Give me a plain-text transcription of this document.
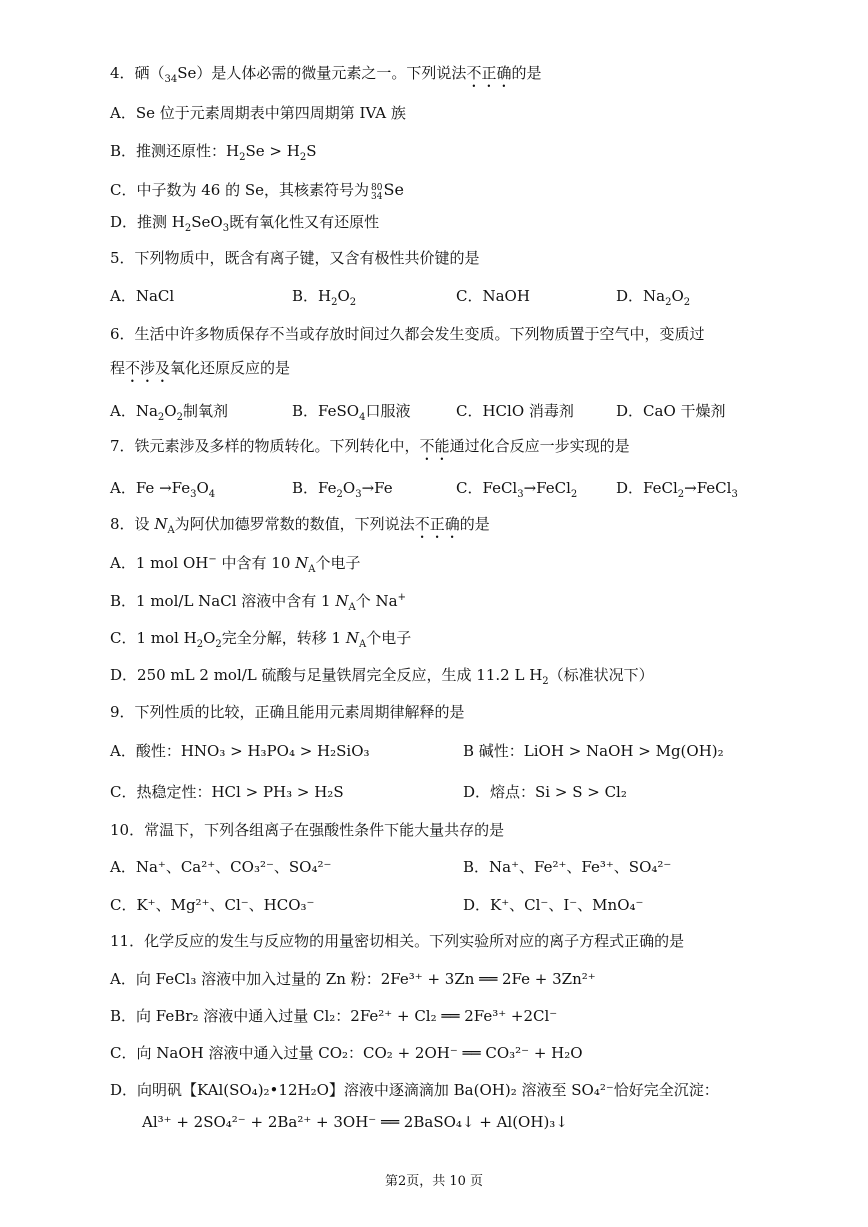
4．硒$(_{34}Se)$是人体必需的微量元素之一。下列说法不正确的是
A．Se 位于元素周期表中第四周期第 IVA 族
B．推测还原性：$H_2Se > H_2S$
C．中子数为 46 的 Se，其核素符号为 80
34Se
D．推测 $H_2SeO_3$既有氧化性又有还原性
5．下列物质中，既含有离子键，又含有极性共价键的是
A．NaCl	B．$H_2O_2$	C．NaOH	D．$Na_2O_2$
6．生活中许多物质保存不当或存放时间过久都会发生变质。下列物质置于空气中，变质过
程不涉及氧化还原反应的是
A．$Na_2O_2$制氧剂	B．FeSO$_4$口服液	C．HClO 消毒剂	D．CaO 干燥剂
7．铁元素涉及多样的物质转化。下列转化中，不能通过化合反应一步实现的是
A．$Fe \to Fe_3O_4$	B．$Fe_2O_3\to Fe$	C．FeCl$_3$→FeCl$_2$	D．FeCl$_2$→FeCl$_3$
8．设 $N_A$为阿伏加德罗常数的数值，下列说法不正确的是
A．1 mol OH− 中含有 10 $N_A$个电子
B．1 mol/L NaCl 溶液中含有 1 $N_A$个 Na+
C．1 mol $H_2O_2$完全分解，转移 1 $N_A$个电子
D．250 mL 2 mol/L 硫酸与足量铁屑完全反应，生成 11.2 L $H_2$（标准状况下）
9．下列性质的比较，正确且能用元素周期律解释的是
A．酸性：HNO₃ > H₃PO₄ > H₂SiO₃	B 碱性：LiOH > NaOH > Mg(OH)₂
C．热稳定性：HCl > PH₃ > H₂S	D．熔点：Si > S > Cl₂
10．常温下，下列各组离子在强酸性条件下能大量共存的是
A．Na⁺、Ca²⁺、CO₃²⁻、SO₄²⁻	B．Na⁺、Fe²⁺、Fe³⁺、SO₄²⁻
C．K⁺、Mg²⁺、Cl⁻、HCO₃⁻	D．K⁺、Cl⁻、I⁻、MnO₄⁻
11．化学反应的发生与反应物的用量密切相关。下列实验所对应的离子方程式正确的是
A．向 FeCl₃ 溶液中加入过量的 Zn 粉：2Fe³⁺ + 3Zn ══ 2Fe + 3Zn²⁺
B．向 FeBr₂ 溶液中通入过量 Cl₂：2Fe²⁺ + Cl₂ ══ 2Fe³⁺ +2Cl⁻
C．向 NaOH 溶液中通入过量 CO₂：CO₂ + 2OH⁻ ══ CO₃²⁻ + H₂O
D．向明矾【KAl(SO₄)₂•12H₂O】溶液中逐滴滴加 Ba(OH)₂ 溶液至 SO₄²⁻恰好完全沉淀：
Al³⁺ + 2SO₄²⁻ + 2Ba²⁺ + 3OH⁻ ══ 2BaSO₄↓ + Al(OH)₃↓
第2页，共 10 页
